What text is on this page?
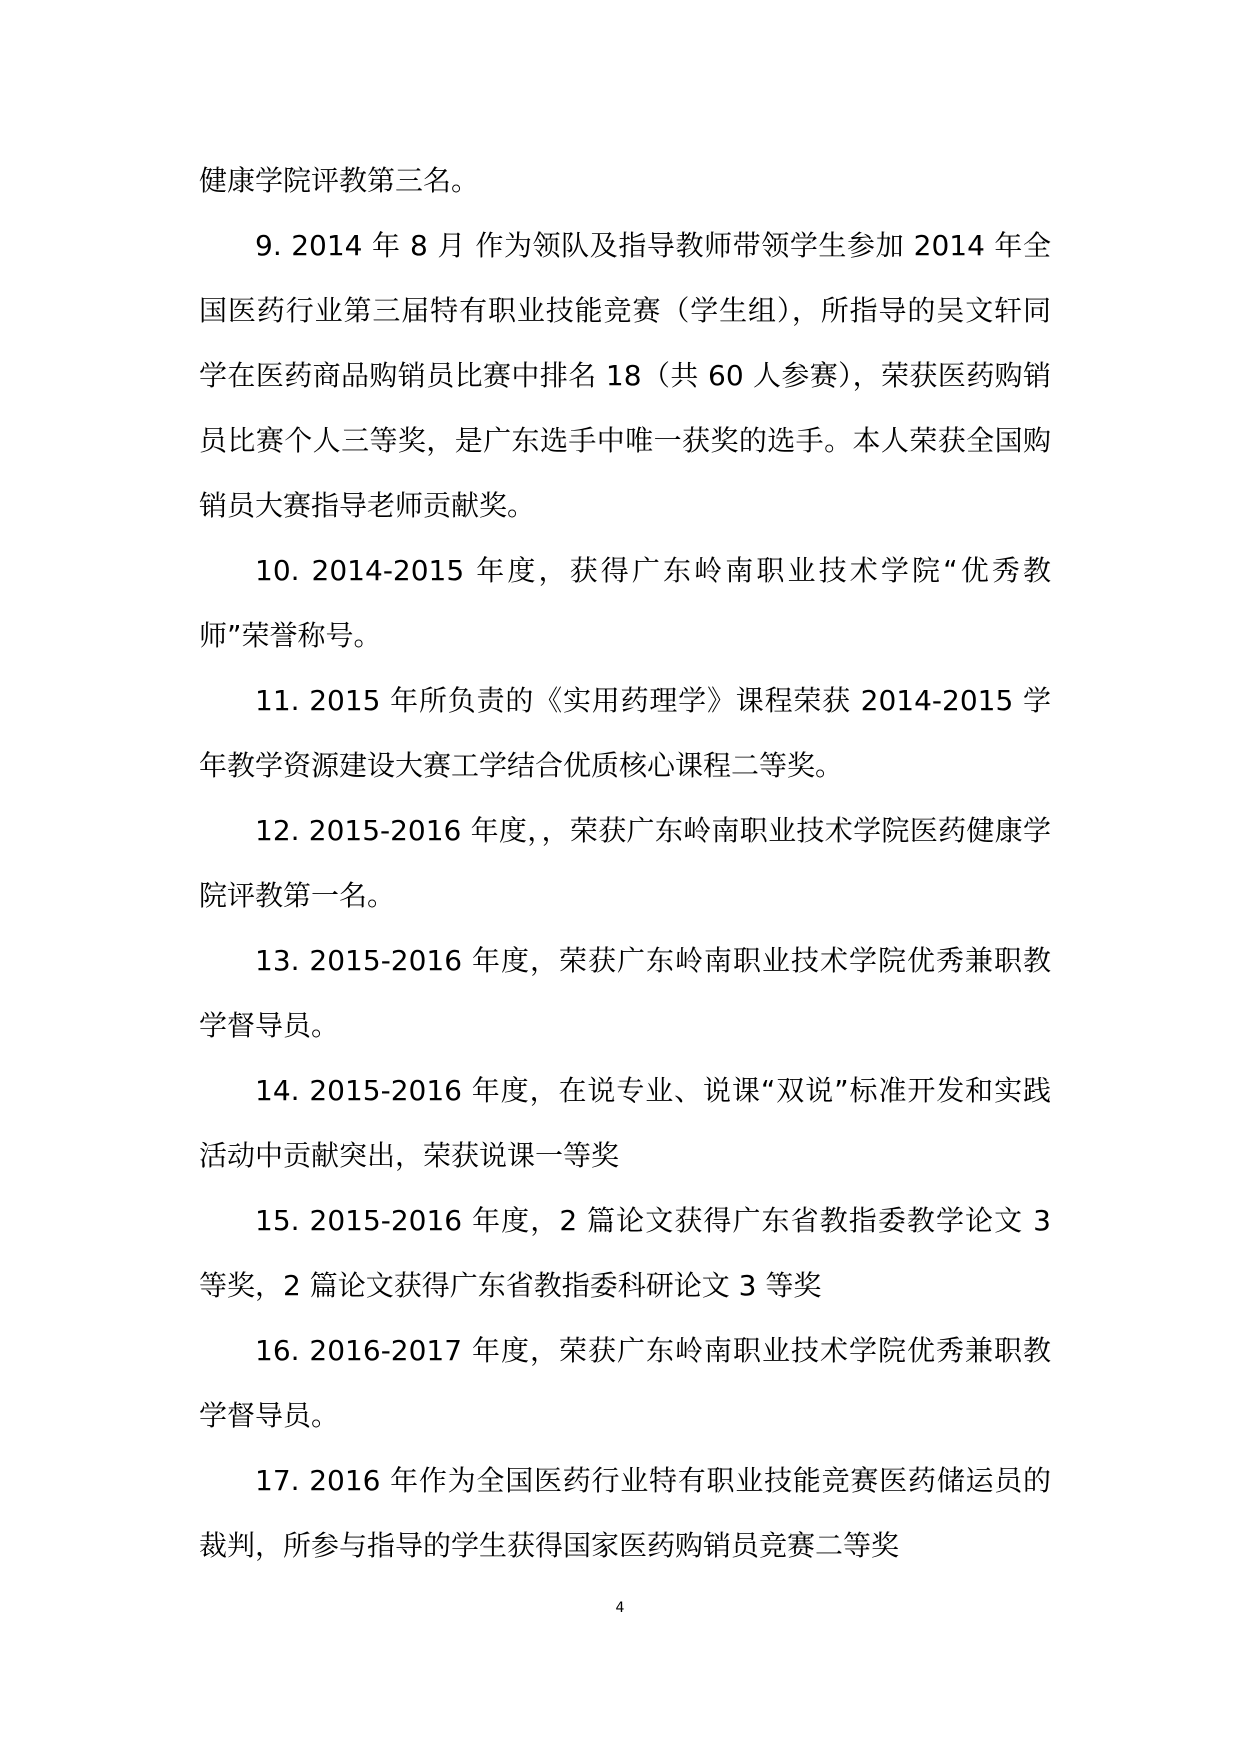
健康学院评教第三名。

9. 2014 年 8 月 作为领队及指导教师带领学生参加 2014 年全国医药行业第三届特有职业技能竞赛（学生组），所指导的吴文轩同学在医药商品购销员比赛中排名 18（共 60 人参赛），荣获医药购销员比赛个人三等奖，是广东选手中唯一获奖的选手。本人荣获全国购销员大赛指导老师贡献奖。

10. 2014-2015 年度，获得广东岭南职业技术学院“优秀教师”荣誉称号。

11. 2015 年所负责的《实用药理学》课程荣获 2014-2015 学年教学资源建设大赛工学结合优质核心课程二等奖。

12. 2015-2016 年度，，荣获广东岭南职业技术学院医药健康学院评教第一名。

13. 2015-2016 年度，荣获广东岭南职业技术学院优秀兼职教学督导员。

14. 2015-2016 年度，在说专业、说课“双说”标准开发和实践活动中贡献突出，荣获说课一等奖

15. 2015-2016 年度，2 篇论文获得广东省教指委教学论文 3 等奖，2 篇论文获得广东省教指委科研论文 3 等奖

16. 2016-2017 年度，荣获广东岭南职业技术学院优秀兼职教学督导员。

17. 2016 年作为全国医药行业特有职业技能竞赛医药储运员的裁判，所参与指导的学生获得国家医药购销员竞赛二等奖

4
